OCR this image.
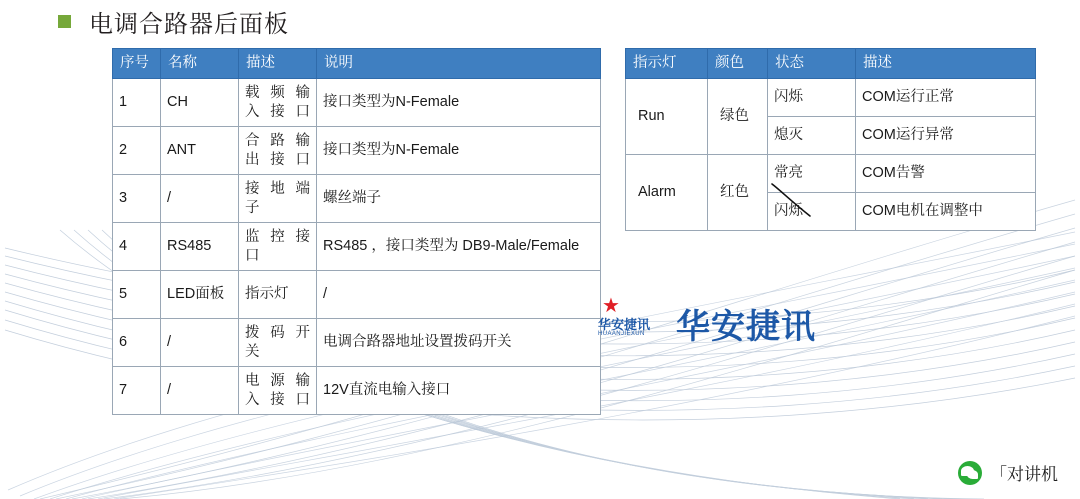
电调合路器后面板
序号	名称	描述	说明
1	CH	载 频 输 入接口	接口类型为N-Female
2	ANT	合 路 输 出接口	接口类型为N-Female
3	/	接 地 端 子	螺丝端子
4	RS485	监 控 接 口	RS485 ，接口类型为 DB9-Male/Female
5	LED面板	指示灯	/
6	/	拨 码 开 关	电调合路器地址设置拨码开关
7	/	电 源 输 入接口	12V直流电输入接口
指示灯	颜色	状态	描述
Run	绿色	闪烁	COM运行正常
		熄灭	COM运行异常
Alarm	红色	常亮	COM告警
		闪烁	COM电机在调整中
★
华安捷讯
HUAANJIEXUN 华安捷讯
「对讲机
